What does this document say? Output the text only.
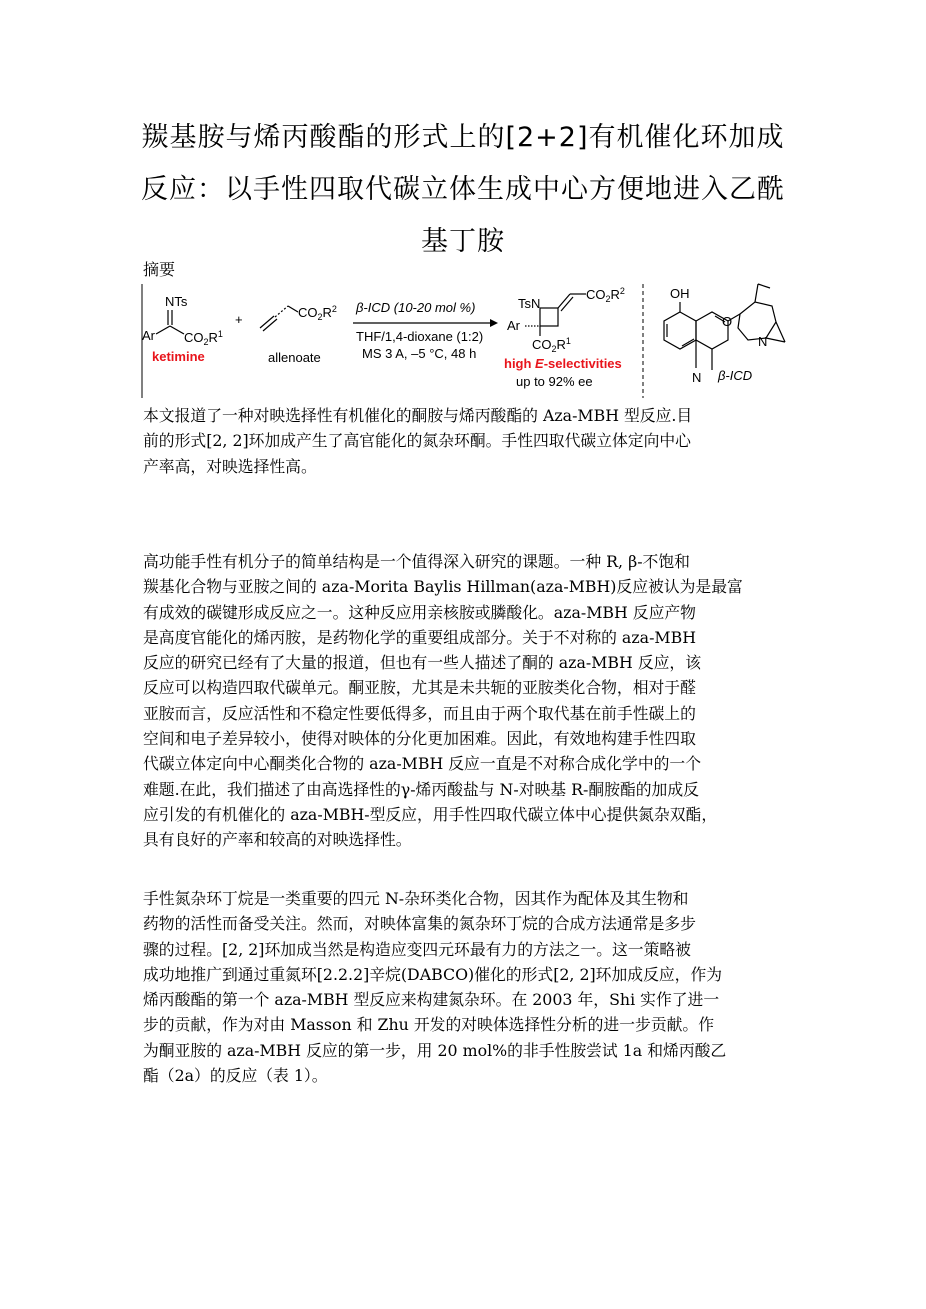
羰基胺与烯丙酸酯的形式上的[2+2]有机催化环加成
反应：以手性四取代碳立体生成中心方便地进入乙酰
基丁胺

摘要

NTs
Ar $CO_2R^1$
ketimine
+	$CO_2R^2$
allenoate
β-ICD (10-20 mol %)
THF/1,4-dioxane (1:2)
MS 3 A, –5 °C, 48 h
TsN
$CO_2R^2$
Ar
$CO_2R^1$
high E-selectivities
up to 92% ee
OH
N
O
N
β-ICD

本文报道了一种对映选择性有机催化的酮胺与烯丙酸酯的 Aza-MBH 型反应.目
前的形式[2, 2]环加成产生了高官能化的氮杂环酮。手性四取代碳立体定向中心
产率高，对映选择性高。

高功能手性有机分子的简单结构是一个值得深入研究的课题。一种 R, β-不饱和
羰基化合物与亚胺之间的 aza-Morita Baylis Hillman(aza-MBH)反应被认为是最富
有成效的碳键形成反应之一。这种反应用亲核胺或膦酸化。aza-MBH 反应产物
是高度官能化的烯丙胺，是药物化学的重要组成部分。关于不对称的 aza-MBH
反应的研究已经有了大量的报道，但也有一些人描述了酮的 aza-MBH 反应，该
反应可以构造四取代碳单元。酮亚胺，尤其是未共轭的亚胺类化合物，相对于醛
亚胺而言，反应活性和不稳定性要低得多，而且由于两个取代基在前手性碳上的
空间和电子差异较小，使得对映体的分化更加困难。因此，有效地构建手性四取
代碳立体定向中心酮类化合物的 aza-MBH 反应一直是不对称合成化学中的一个
难题.在此，我们描述了由高选择性的γ-烯丙酸盐与 N-对映基 R-酮胺酯的加成反
应引发的有机催化的 aza-MBH-型反应，用手性四取代碳立体中心提供氮杂双酯，
具有良好的产率和较高的对映选择性。

手性氮杂环丁烷是一类重要的四元 N-杂环类化合物，因其作为配体及其生物和
药物的活性而备受关注。然而，对映体富集的氮杂环丁烷的合成方法通常是多步
骤的过程。[2, 2]环加成当然是构造应变四元环最有力的方法之一。这一策略被
成功地推广到通过重氮环[2.2.2]辛烷(DABCO)催化的形式[2, 2]环加成反应，作为
烯丙酸酯的第一个 aza-MBH 型反应来构建氮杂环。在 2003 年，Shi 实作了进一
步的贡献，作为对由 Masson 和 Zhu 开发的对映体选择性分析的进一步贡献。作
为酮亚胺的 aza-MBH 反应的第一步，用 20 mol%的非手性胺尝试 1a 和烯丙酸乙
酯（2a）的反应（表 1）。
